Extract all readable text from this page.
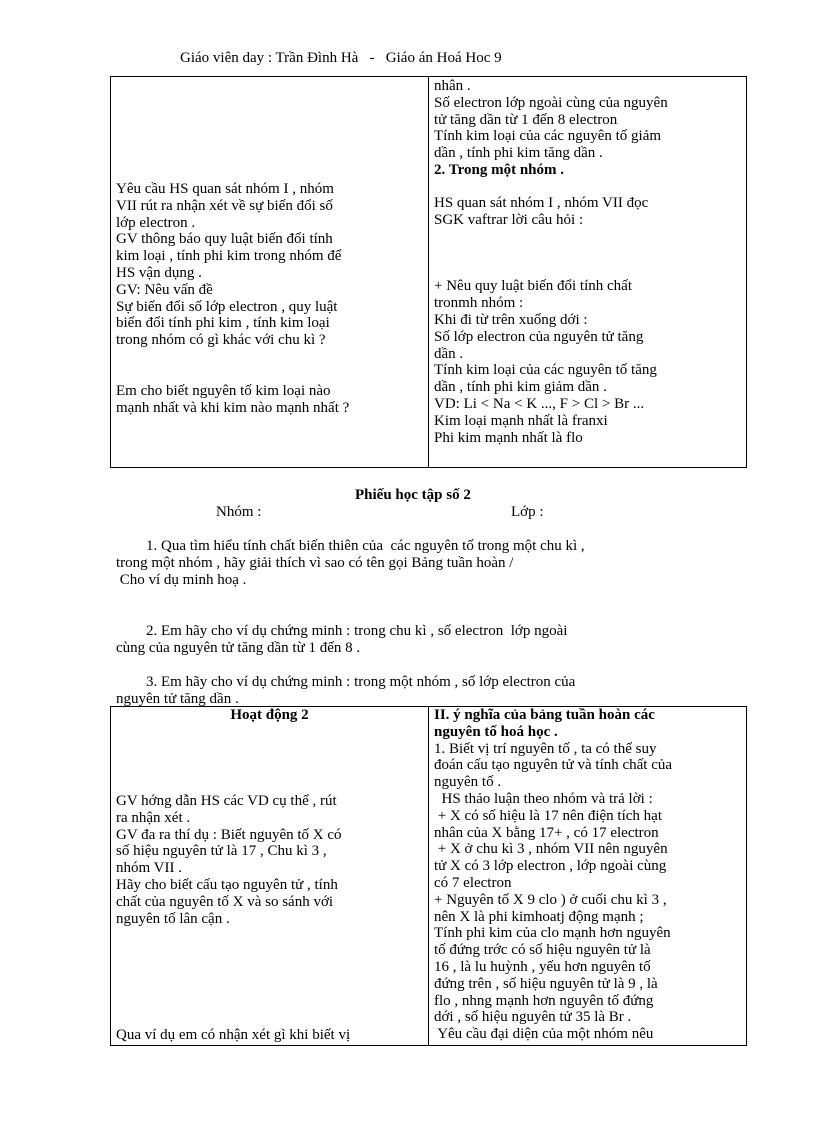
Giáo viên day : Trần Đình Hà   -   Giáo án Hoá Hoc 9
Yêu cầu HS quan sát nhóm I , nhóm
VII rút ra nhận xét về sự biến đổi số
lớp electron .
GV thông báo quy luật biến đổi tính
kim loại , tính phi kim trong nhóm để
HS vận dụng .
GV: Nêu vấn đề
Sự biến đổi số lớp electron , quy luật
biến đổi tính phi kim , tính kim loại
trong nhóm có gì khác với chu kì ?
Em cho biết nguyên tố kim loại nào
mạnh nhất và khi kim nào mạnh nhất ?
nhân .
Số electron lớp ngoài cùng của nguyên
tử tăng dần từ 1 đến 8 electron
Tính kim loại của các nguyên tố giảm
dần , tính phi kim tăng dần .
2. Trong một nhóm .
HS quan sát nhóm I , nhóm VII đọc
SGK vaftrar lời câu hỏi :
+ Nêu quy luật biến đổi tính chất
tronmh nhóm :
Khi đi từ trên xuống dới :
Số lớp electron của nguyên tử tăng
dần .
Tính kim loại của các nguyên tố tăng
dần , tính phi kim giảm dần .
VD: Li < Na < K ..., F > Cl > Br ...
Kim loại mạnh nhất là franxi
Phi kim mạnh nhất là flo
Phiếu học tập số 2
Nhóm :	Lớp :
1. Qua tìm hiểu tính chất biến thiên của  các nguyên tố trong một chu kì ,
trong một nhóm , hãy giải thích vì sao có tên gọi Bảng tuần hoàn /
Cho ví dụ minh hoạ .
2. Em hãy cho ví dụ chứng minh : trong chu kì , số electron  lớp ngoài
cùng của nguyên tử tăng dần từ 1 đến 8 .
3. Em hãy cho ví dụ chứng minh : trong một nhóm , số lớp electron của
nguyên tử tăng dần .
Hoạt động 2
GV hớng dẫn HS các VD cụ thể , rút
ra nhận xét .
GV đa ra thí dụ : Biết nguyên tố X có
số hiệu nguyên tử là 17 , Chu kì 3 ,
nhóm VII .
Hãy cho biết cấu tạo nguyên tử , tính
chất của nguyên tố X và so sánh với
nguyên tố lân cận .
Qua ví dụ em có nhận xét gì khi biết vị
II. ý nghĩa của bảng tuần hoàn các
nguyên tố hoá học .
1. Biết vị trí nguyên tố , ta có thể suy
đoán cấu tạo nguyên tử và tính chất của
nguyên tố .
HS thảo luận theo nhóm và trả lời :
+ X có số hiệu là 17 nên điện tích hạt
nhân của X bằng 17+ , có 17 electron
+ X ở chu kì 3 , nhóm VII nên nguyên
tử X có 3 lớp electron , lớp ngoài cùng
có 7 electron
+ Nguyên tố X 9 clo ) ở cuối chu kì 3 ,
nên X là phi kimhoatj động mạnh ;
Tính phi kim của clo mạnh hơn nguyên
tố đứng trớc có số hiệu nguyên tử là
16 , là lu huỳnh , yếu hơn nguyên tố
đứng trên , số hiệu nguyên tử là 9 , là
flo , nhng mạnh hơn nguyên tố đứng
dới , số hiệu nguyên tử 35 là Br .
Yêu cầu đại diện của một nhóm nêu
